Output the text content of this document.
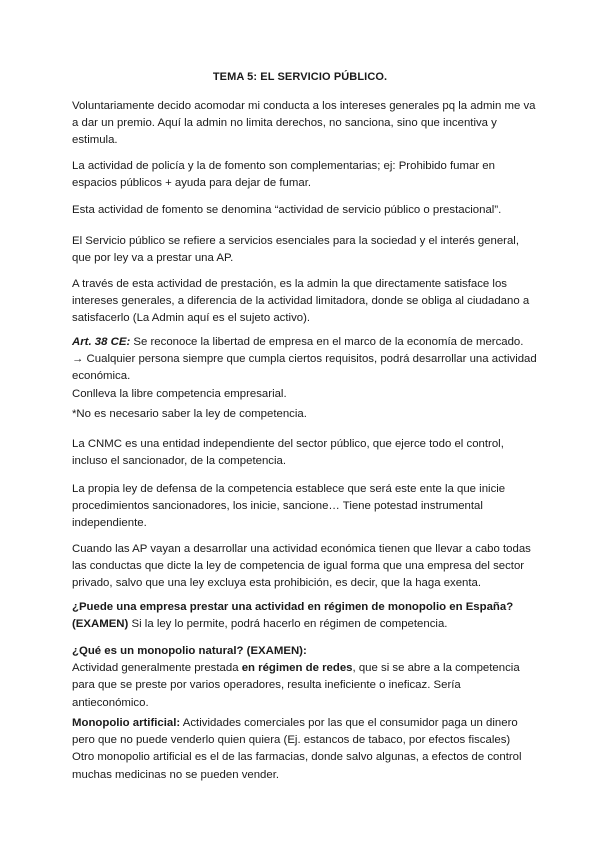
TEMA 5: EL SERVICIO PÚBLICO.
Voluntariamente decido acomodar mi conducta a los intereses generales pq la admin me va
a dar un premio. Aquí la admin no limita derechos, no sanciona, sino que incentiva y
estimula.
La actividad de policía y la de fomento son complementarias; ej: Prohibido fumar en
espacios públicos + ayuda para dejar de fumar.
Esta actividad de fomento se denomina “actividad de servicio público o prestacional”.
El Servicio público se refiere a servicios esenciales para la sociedad y el interés general,
que por ley va a prestar una AP.
A través de esta actividad de prestación, es la admin la que directamente satisface los
intereses generales, a diferencia de la actividad limitadora, donde se obliga al ciudadano a
satisfacerlo (La Admin aquí es el sujeto activo).
Art. 38 CE: Se reconoce la libertad de empresa en el marco de la economía de mercado.
→ Cualquier persona siempre que cumpla ciertos requisitos, podrá desarrollar una actividad
económica.
Conlleva la libre competencia empresarial.
*No es necesario saber la ley de competencia.
La CNMC es una entidad independiente del sector público, que ejerce todo el control,
incluso el sancionador, de la competencia.
La propia ley de defensa de la competencia establece que será este ente la que inicie
procedimientos sancionadores, los inicie, sancione… Tiene potestad instrumental
independiente.
Cuando las AP vayan a desarrollar una actividad económica tienen que llevar a cabo todas
las conductas que dicte la ley de competencia de igual forma que una empresa del sector
privado, salvo que una ley excluya esta prohibición, es decir, que la haga exenta.
¿Puede una empresa prestar una actividad en régimen de monopolio en España?
(EXAMEN) Si la ley lo permite, podrá hacerlo en régimen de competencia.
¿Qué es un monopolio natural? (EXAMEN):
Actividad generalmente prestada en régimen de redes, que si se abre a la competencia
para que se preste por varios operadores, resulta ineficiente o ineficaz. Sería
antieconómico.
Monopolio artificial: Actividades comerciales por las que el consumidor paga un dinero
pero que no puede venderlo quien quiera (Ej. estancos de tabaco, por efectos fiscales)
Otro monopolio artificial es el de las farmacias, donde salvo algunas, a efectos de control
muchas medicinas no se pueden vender.
